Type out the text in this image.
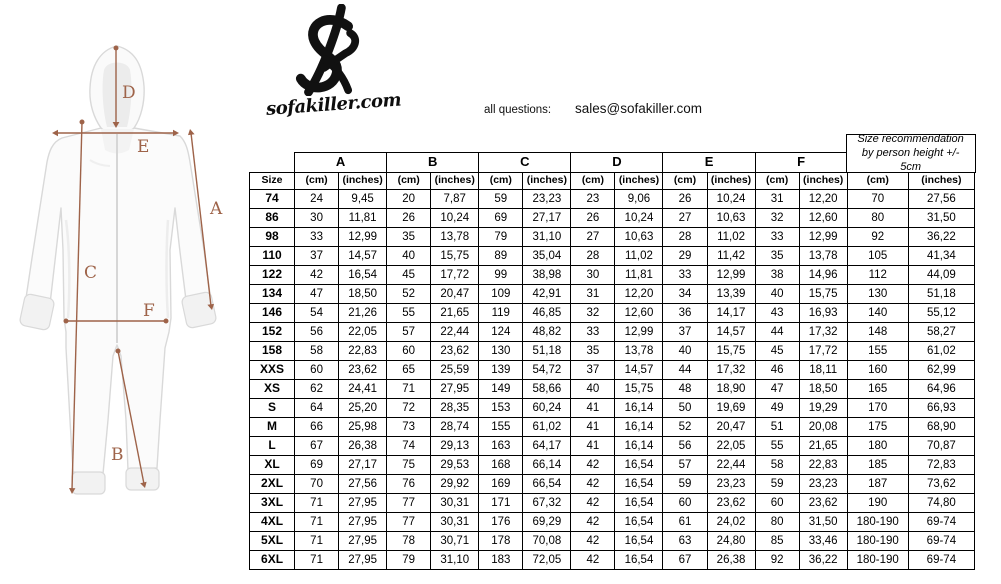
D
E
A
C
F
B
sofakiller.com	all questions: sales@sofakiller.com
	A		B		C		D		E		F		Size recommendation by person height +/- 5cm	

Size	(cm)	(inches)	(cm)	(inches)	(cm)	(inches)	(cm)	(inches)	(cm)	(inches)	(cm)	(inches)	(cm)	(inches)
74	24	9,45	20	7,87	59	23,23	23	9,06	26	10,24	31	12,20	70	27,56
86	30	11,81	26	10,24	69	27,17	26	10,24	27	10,63	32	12,60	80	31,50
98	33	12,99	35	13,78	79	31,10	27	10,63	28	11,02	33	12,99	92	36,22
110	37	14,57	40	15,75	89	35,04	28	11,02	29	11,42	35	13,78	105	41,34
122	42	16,54	45	17,72	99	38,98	30	11,81	33	12,99	38	14,96	112	44,09
134	47	18,50	52	20,47	109	42,91	31	12,20	34	13,39	40	15,75	130	51,18
146	54	21,26	55	21,65	119	46,85	32	12,60	36	14,17	43	16,93	140	55,12
152	56	22,05	57	22,44	124	48,82	33	12,99	37	14,57	44	17,32	148	58,27
158	58	22,83	60	23,62	130	51,18	35	13,78	40	15,75	45	17,72	155	61,02
XXS	60	23,62	65	25,59	139	54,72	37	14,57	44	17,32	46	18,11	160	62,99
XS	62	24,41	71	27,95	149	58,66	40	15,75	48	18,90	47	18,50	165	64,96
S	64	25,20	72	28,35	153	60,24	41	16,14	50	19,69	49	19,29	170	66,93
M	66	25,98	73	28,74	155	61,02	41	16,14	52	20,47	51	20,08	175	68,90
L	67	26,38	74	29,13	163	64,17	41	16,14	56	22,05	55	21,65	180	70,87
XL	69	27,17	75	29,53	168	66,14	42	16,54	57	22,44	58	22,83	185	72,83
2XL	70	27,56	76	29,92	169	66,54	42	16,54	59	23,23	59	23,23	187	73,62
3XL	71	27,95	77	30,31	171	67,32	42	16,54	60	23,62	60	23,62	190	74,80
4XL	71	27,95	77	30,31	176	69,29	42	16,54	61	24,02	80	31,50	180-190	69-74
5XL	71	27,95	78	30,71	178	70,08	42	16,54	63	24,80	85	33,46	180-190	69-74
6XL	71	27,95	79	31,10	183	72,05	42	16,54	67	26,38	92	36,22	180-190	69-74
